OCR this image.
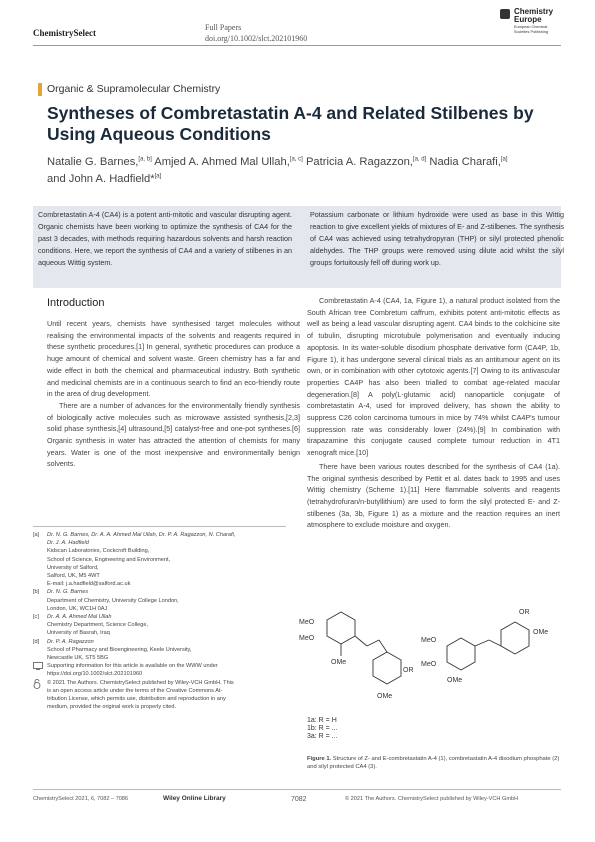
ChemistrySelect
Full Papers
doi.org/10.1002/slct.202101960
Chemistry Europe
European Chemical
Societies Publishing
Organic & Supramolecular Chemistry
Syntheses of Combretastatin A-4 and Related Stilbenes by Using Aqueous Conditions
Natalie G. Barnes,[a, b] Amjed A. Ahmed Mal Ullah,[a, c] Patricia A. Ragazzon,[a, d] Nadia Charafi,[a]
and John A. Hadfield*[a]
Combretastatin A-4 (CA4) is a potent anti-mitotic and vascular disrupting agent. Organic chemists have been working to optimize the synthesis of CA4 for the past 3 decades, with methods requiring hazardous solvents and harsh reaction conditions. Here, we report the synthesis of CA4 and a variety of stilbenes in an aqueous Wittig system.
Potassium carbonate or lithium hydroxide were used as base in this Wittig reaction to give excellent yields of mixtures of E- and Z-stilbenes. The synthesis of CA4 was achieved using tetrahydropyran (THP) or silyl protected phenolic aldehydes. The THP groups were removed using dilute acid whilst the silyl groups fortuitously fell off during work up.
Introduction

Until recent years, chemists have synthesised target molecules without realising the environmental impacts of the solvents and reagents required in these synthetic procedures.[1] In general, synthetic procedures can produce a huge amount of chemical and solvent waste. Green chemistry has a far and wide effect in both the chemical and pharmaceutical industry. Both synthetic and medicinal chemists are in a continuous search to find an eco-friendly route in the area of drug development.

There are a number of advances for the environmentally friendly synthesis of biologically active molecules such as microwave assisted synthesis,[2,3] solid phase synthesis,[4] ultrasound,[5] catalyst-free and one-pot syntheses.[6] Organic synthesis in water has attracted the attention of chemists for many years. Water is one of the most inexpensive and environmentally benign solvents.

[a]	Dr. N. G. Barnes, Dr. A. A. Ahmed Mal Ullah, Dr. P. A. Ragazzon, N. Charafi,
Dr. J. A. Hadfield
Kidscan Laboratories, Cockcroft Building,
School of Science, Engineering and Environment,
University of Salford,
Salford, UK, M5 4WT
E-mail: j.a.hadfield@salford.ac.uk
[b]	Dr. N. G. Barnes
Department of Chemistry, University College London,
London, UK, WC1H 0AJ
[c]	Dr. A. A. Ahmed Mal Ullah
Chemistry Department, Science College,
University of Basrah, Iraq
[d]	Dr. P. A. Ragazzon
School of Pharmacy and Bioengineering, Keele University,
Newcastle UK, ST5 5BG
Supporting information for this article is available on the WWW under
https://doi.org/10.1002/slct.202101960
© 2021 The Authors. ChemistrySelect published by Wiley-VCH GmbH. This
is an open access article under the terms of the Creative Commons At-
tribution License, which permits use, distribution and reproduction in any
medium, provided the original work is properly cited.

Combretastatin A-4 (CA4, 1a, Figure 1), a natural product isolated from the South African tree Combretum caffrum, exhibits potent anti-mitotic effects as well as being a lead vascular disrupting agent. CA4 binds to the colchicine site of tubulin, disrupting microtubule polymerisation and eventually inducing apoptosis. In its water-soluble disodium phosphate derivative form (CA4P, 1b, Figure 1), it has undergone several clinical trials as an antitumour agent on its own, or in combination with other cytotoxic agents.[7] Owing to its antivascular properties CA4P has also been trialled to combat age-related macular degeneration.[8] A poly(L-glutamic acid) nanoparticle conjugate of combretastatin A-4, used for improved delivery, has shown the ability to suppress C26 colon carcinoma tumours in mice by 74% whilst CA4P's tumour suppression rate was considerably lower (24%).[9] In combination with tirapazamine this conjugate caused complete tumour reduction in 4T1 xenograft mice.[10]

There have been various routes described for the synthesis of CA4 (1a). The original synthesis described by Pettit et al. dates back to 1995 and uses Wittig chemistry (Scheme 1).[11] Here flammable solvents and reagents (tetrahydrofuran/n-butyllithium) are used to form the silyl protected E- and Z-stilbenes (3a, 3b, Figure 1) as a mixture and the reaction requires an inert atmosphere to exclude moisture and oxygen.

MeO
MeO
OMe
OR
OMe
OR
OMe
MeO
MeO
OMe
1a: R = H
1b: R = ...
3a: R = ...
Figure 1. Structure of Z- and E-combretastatin A-4 (1), combretastatin A-4 disodium phosphate (2) and silyl protected CA4 (3).
ChemistrySelect 2021, 6, 7082 – 7086	Wiley Online Library	7082	© 2021 The Authors. ChemistrySelect published by Wiley-VCH GmbH
